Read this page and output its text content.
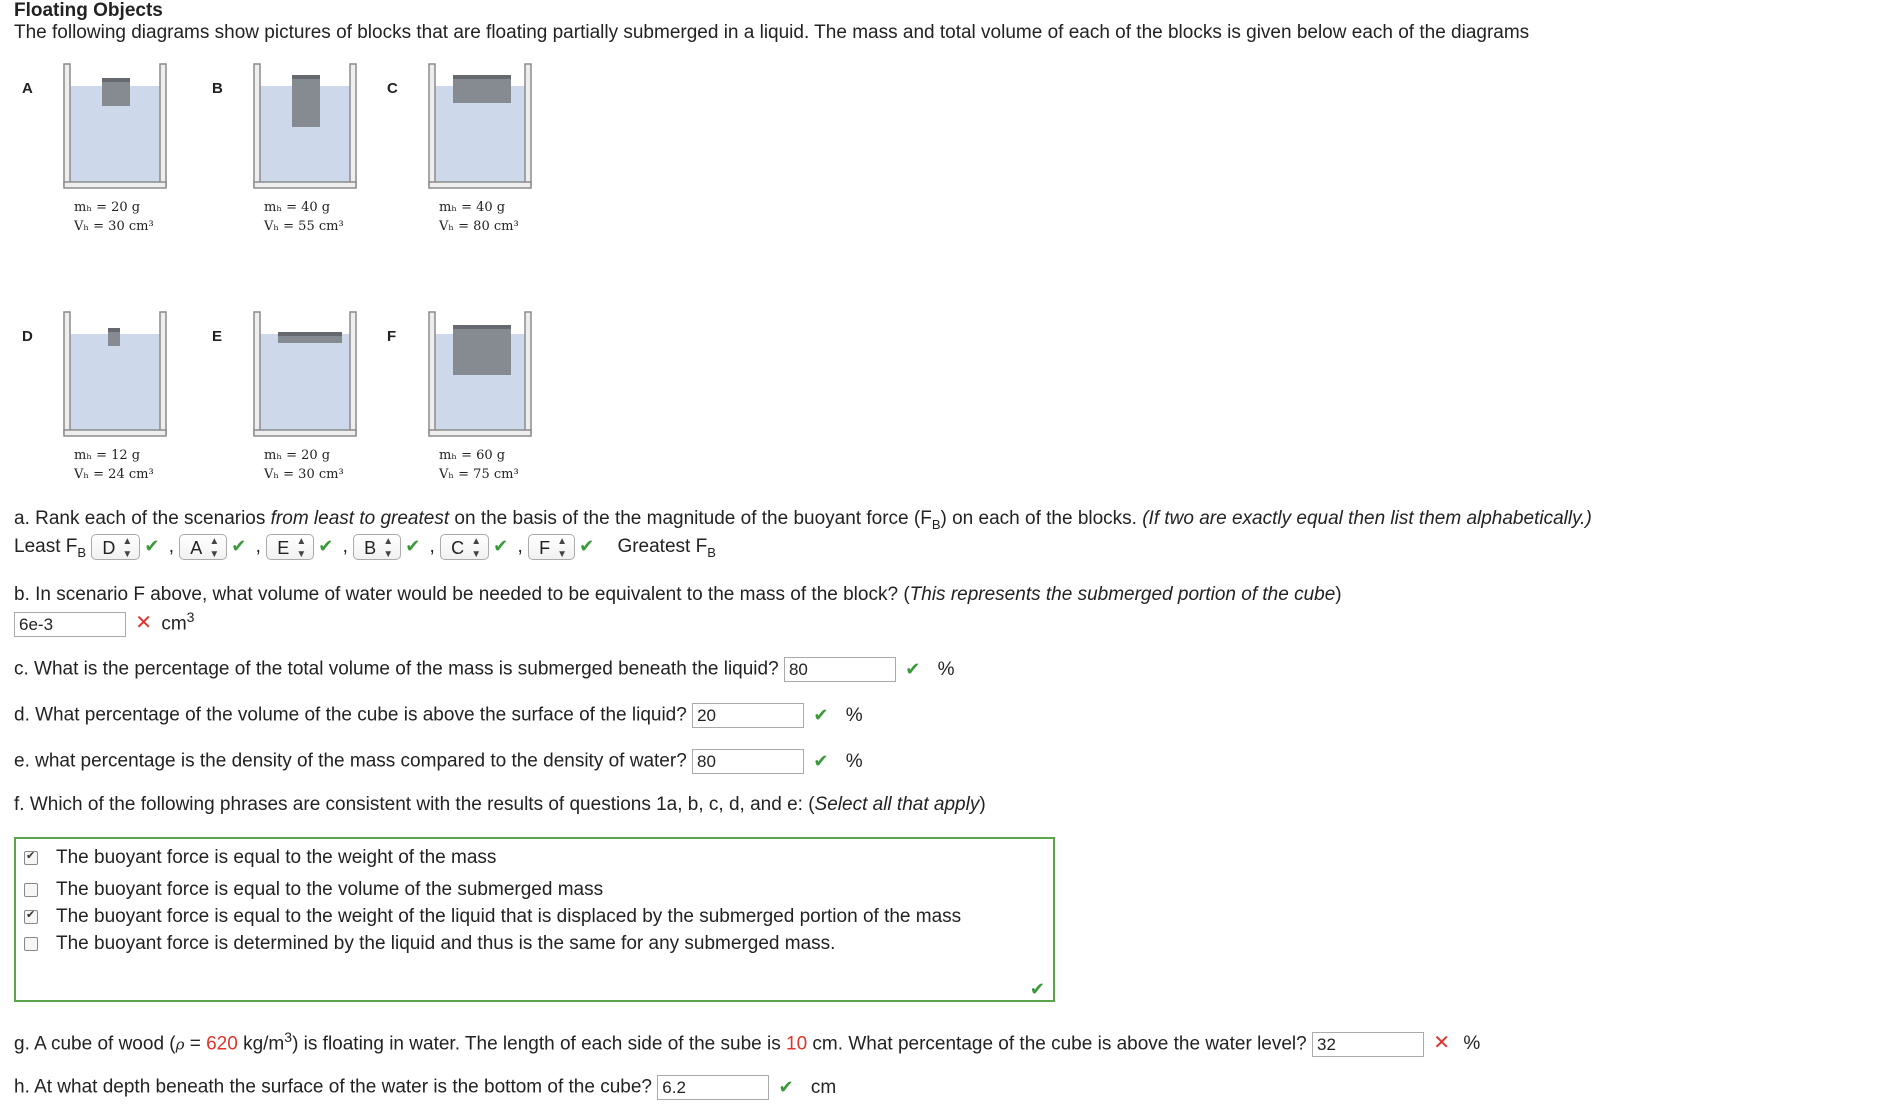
Floating Objects
The following diagrams show pictures of blocks that are floating partially submerged in a liquid. The mass and total volume of each of the blocks is given below each of the diagrams
A
mₕ = 20 g
Vₕ = 30 cm³
B
mₕ = 40 g
Vₕ = 55 cm³
C
mₕ = 40 g
Vₕ = 80 cm³
D
mₕ = 12 g
Vₕ = 24 cm³
E
mₕ = 20 g
Vₕ = 30 cm³
F
mₕ = 60 g
Vₕ = 75 cm³
a. Rank each of the scenarios from least to greatest on the basis of the the magnitude of the buoyant force $(F_B)$ on each of the blocks. (If two are exactly equal then list them alphabetically.)
Least $F_B$ D ▲
▼ ✔ , A ▲
▼ ✔ , E ▲
▼ ✔ , B ▲
▼ ✔ , C ▲
▼ ✔ , F ▲
▼ ✔ Greatest $F_B$
b. In scenario F above, what volume of water would be needed to be equivalent to the mass of the block? (This represents the submerged portion of the cube)
6e-3	✕ $cm^3$
c. What is the percentage of the total volume of the mass is submerged beneath the liquid? 80	✔ %
d. What percentage of the volume of the cube is above the surface of the liquid? 20	✔ %
e. what percentage is the density of the mass compared to the density of water? 80	✔ %
f. Which of the following phrases are consistent with the results of questions 1a, b, c, d, and e: (Select all that apply)
✔The buoyant force is equal to the weight of the mass
The buoyant force is equal to the volume of the submerged mass
✔The buoyant force is equal to the weight of the liquid that is displaced by the submerged portion of the mass
The buoyant force is determined by the liquid and thus is the same for any submerged mass.
✔
g. A cube of wood (ρ = 620 $kg/m^3$) is floating in water. The length of each side of the sube is 10 cm. What percentage of the cube is above the water level? 32	✕ %
h. At what depth beneath the surface of the water is the bottom of the cube? 6.2	✔ cm
